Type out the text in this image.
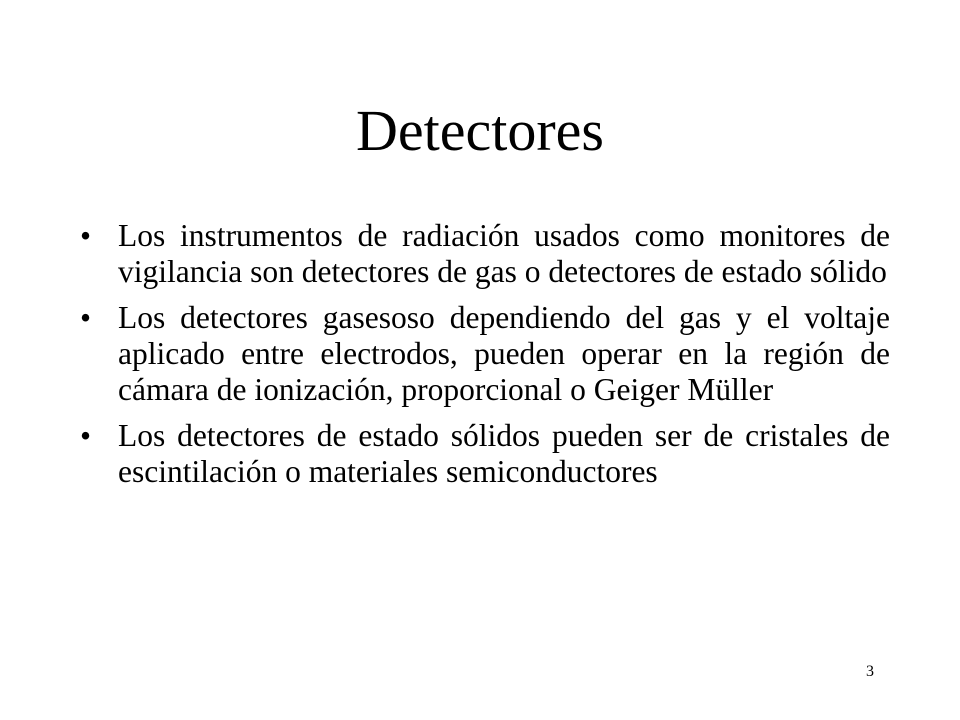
Detectores
• Los instrumentos de radiación usados como monitores de vigilancia son detectores de gas o detectores de estado sólido
• Los detectores gasesoso dependiendo del gas y el voltaje aplicado entre electrodos, pueden operar en la región de cámara de ionización, proporcional o Geiger Müller
• Los detectores de estado sólidos pueden ser de cristales de escintilación o materiales semiconductores
3
